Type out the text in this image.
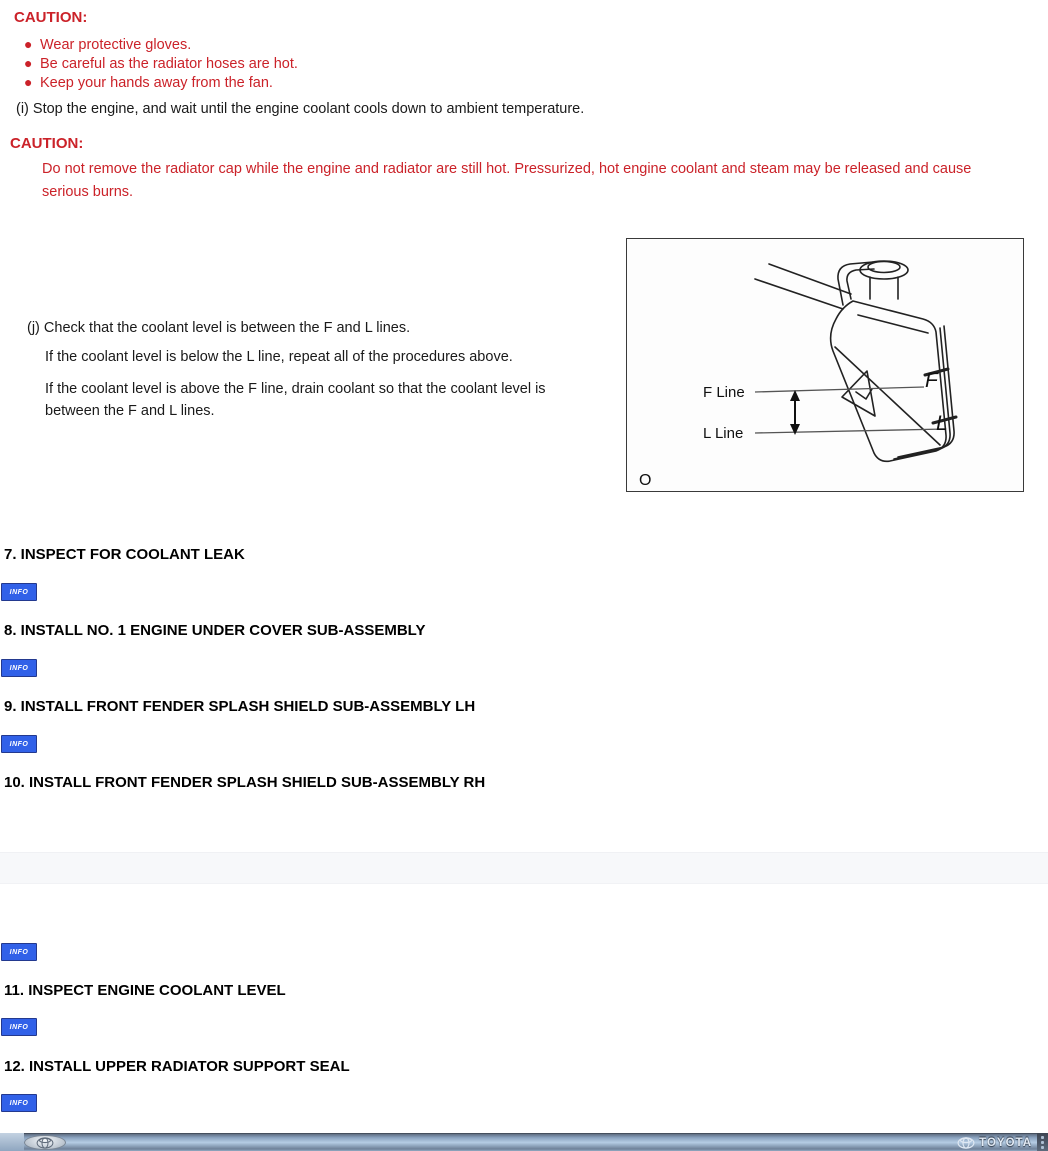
CAUTION:
● Wear protective gloves.
● Be careful as the radiator hoses are hot.
● Keep your hands away from the fan.
(i) Stop the engine, and wait until the engine coolant cools down to ambient temperature.
CAUTION:
Do not remove the radiator cap while the engine and radiator are still hot. Pressurized, hot engine coolant and steam may be released and cause serious burns.
F Line
L Line
F
L
O
(j) Check that the coolant level is between the F and L lines.
If the coolant level is below the L line, repeat all of the procedures above.
If the coolant level is above the F line, drain coolant so that the coolant level is between the F and L lines.
7. INSPECT FOR COOLANT LEAK
INFO
8. INSTALL NO. 1 ENGINE UNDER COVER SUB-ASSEMBLY
INFO
9. INSTALL FRONT FENDER SPLASH SHIELD SUB-ASSEMBLY LH
INFO
10. INSTALL FRONT FENDER SPLASH SHIELD SUB-ASSEMBLY RH
INFO
11. INSPECT ENGINE COOLANT LEVEL
INFO
12. INSTALL UPPER RADIATOR SUPPORT SEAL
INFO
TOYOTA
